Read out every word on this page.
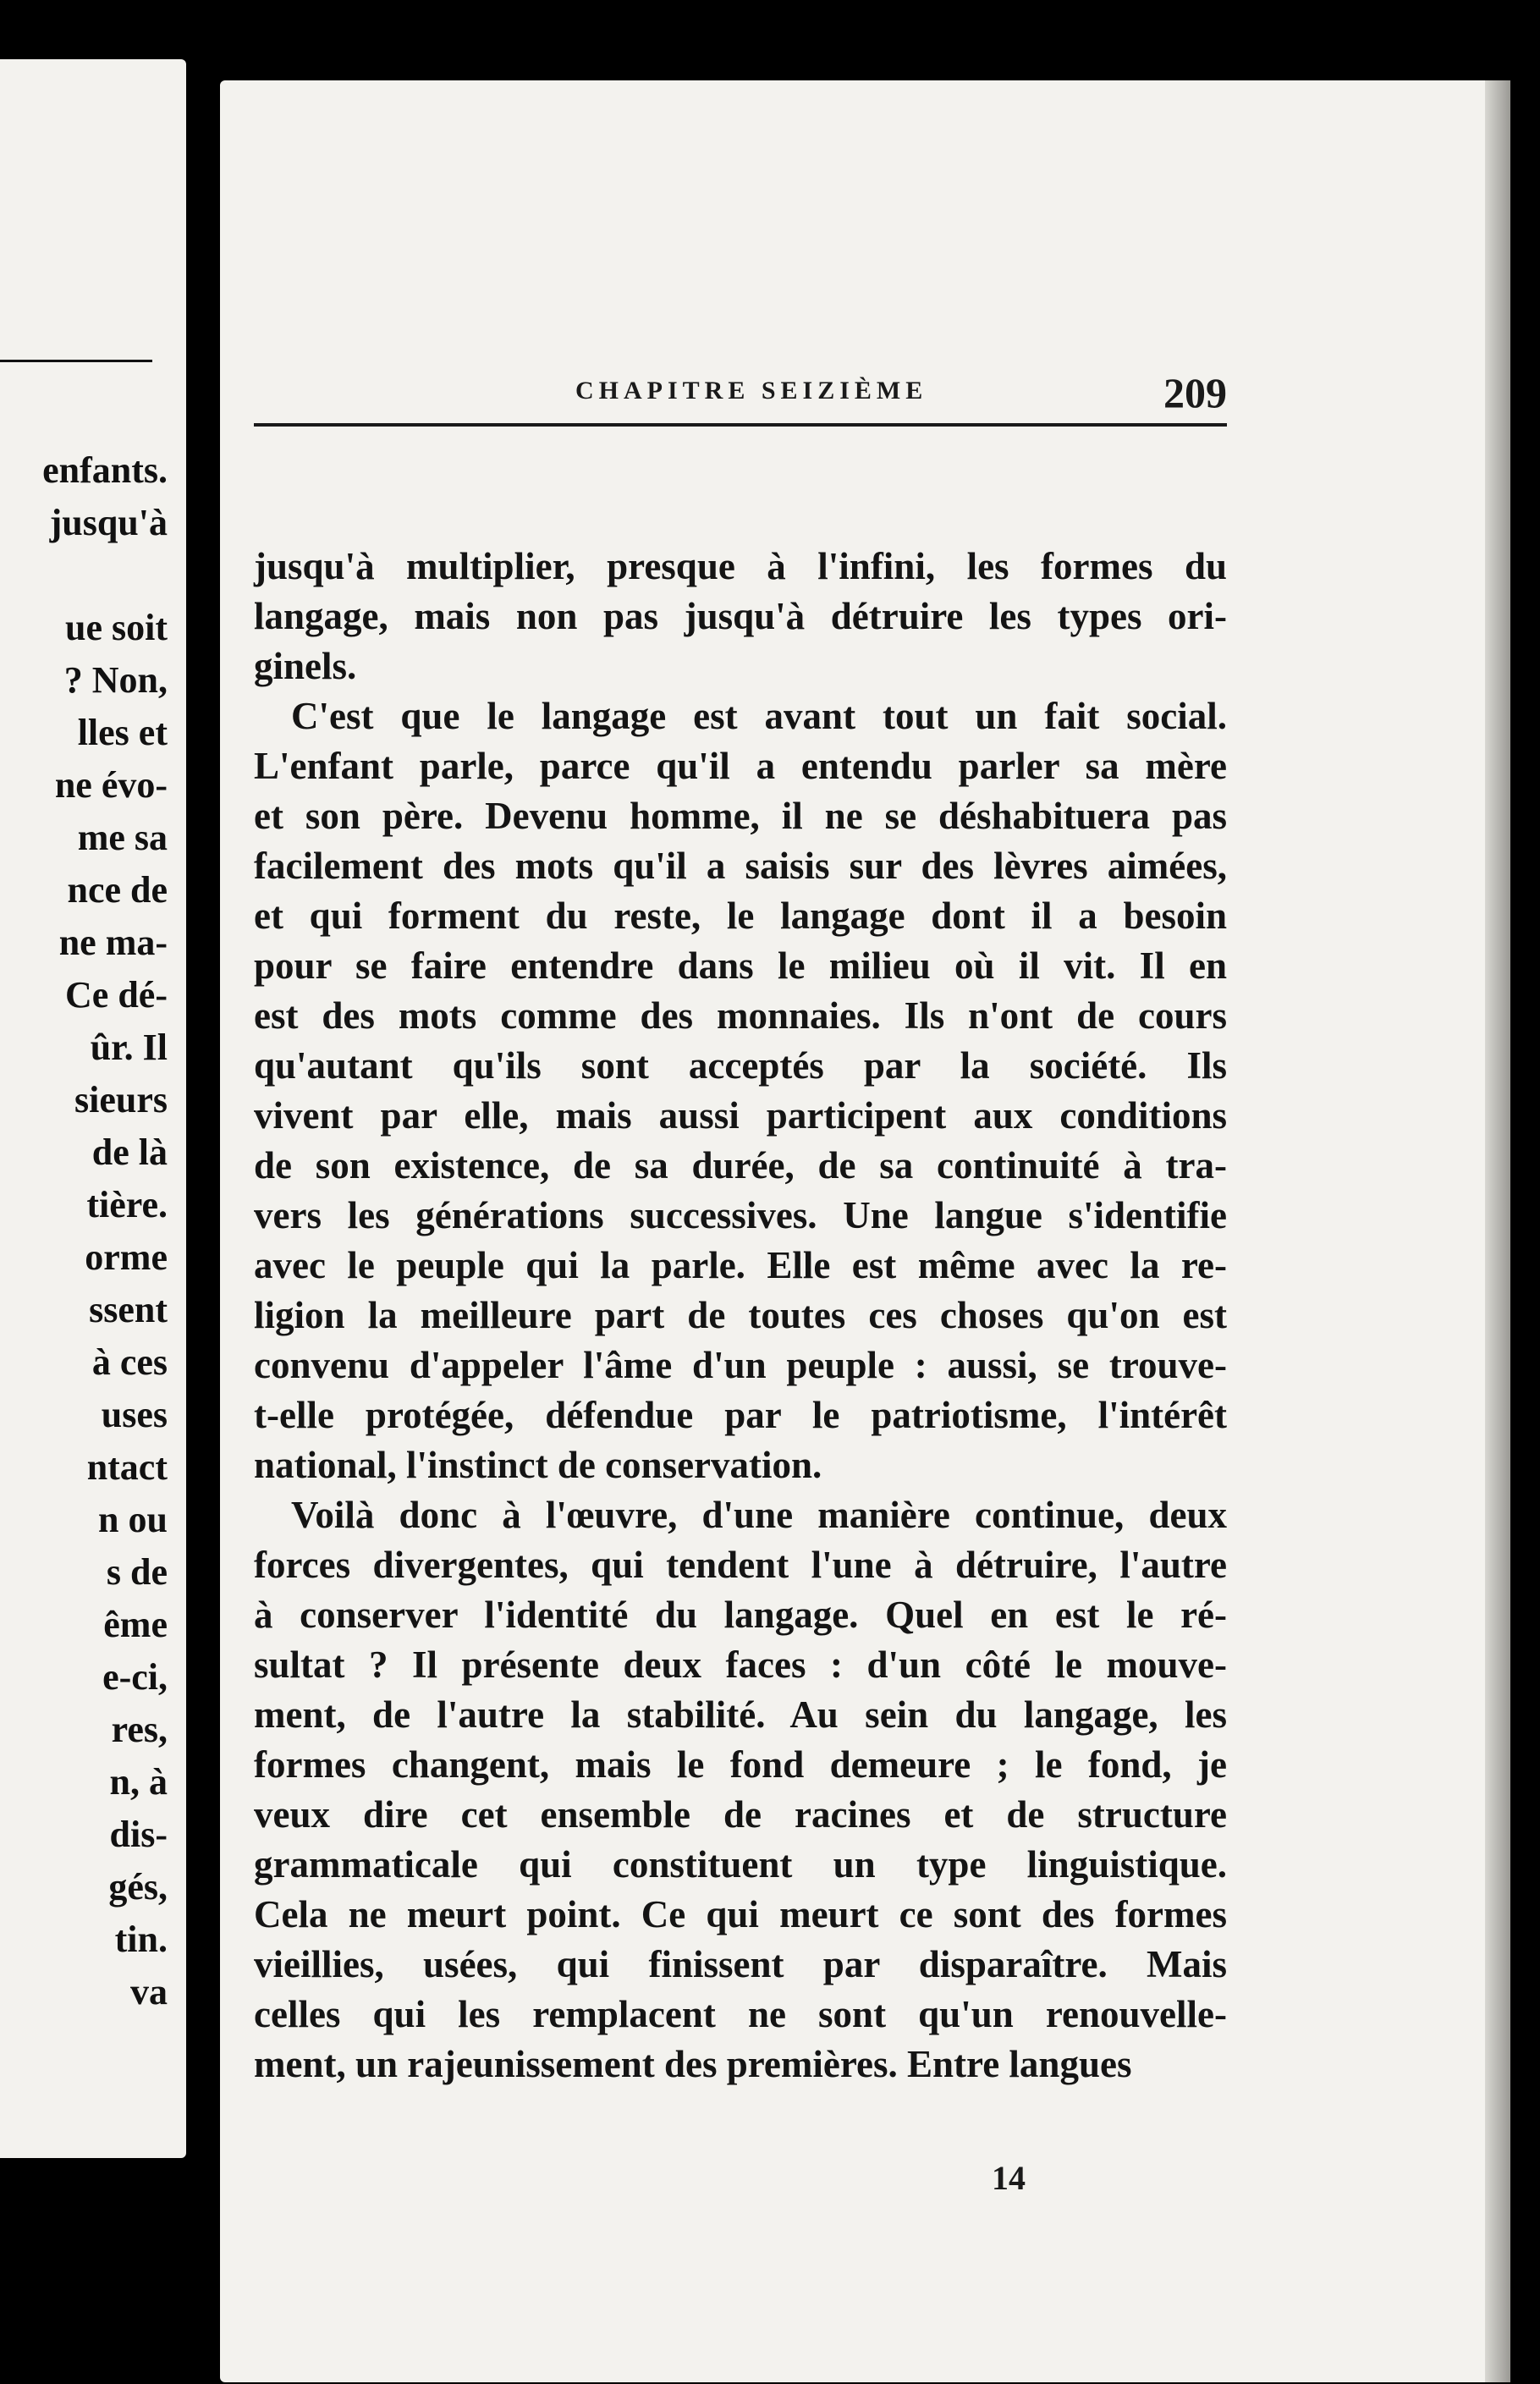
enfants.
jusqu'à

ue soit
? Non,
lles et
ne évo-
me sa
nce de
ne ma-
Ce dé-
ûr. Il
sieurs
de là
tière.
orme
ssent
à ces
uses
ntact
n ou
s de
ême
e-ci,
res,
n, à
dis-
gés,
tin.
va
CHAPITRE SEIZIÈME	209
jusqu'à multiplier, presque à l'infini, les formes du
langage, mais non pas jusqu'à détruire les types ori-
ginels.
C'est que le langage est avant tout un fait social.
L'enfant parle, parce qu'il a entendu parler sa mère
et son père. Devenu homme, il ne se déshabituera pas
facilement des mots qu'il a saisis sur des lèvres aimées,
et qui forment du reste, le langage dont il a besoin
pour se faire entendre dans le milieu où il vit. Il en
est des mots comme des monnaies. Ils n'ont de cours
qu'autant qu'ils sont acceptés par la société. Ils
vivent par elle, mais aussi participent aux conditions
de son existence, de sa durée, de sa continuité à tra-
vers les générations successives. Une langue s'identifie
avec le peuple qui la parle. Elle est même avec la re-
ligion la meilleure part de toutes ces choses qu'on est
convenu d'appeler l'âme d'un peuple : aussi, se trouve-
t-elle protégée, défendue par le patriotisme, l'intérêt
national, l'instinct de conservation.
Voilà donc à l'œuvre, d'une manière continue, deux
forces divergentes, qui tendent l'une à détruire, l'autre
à conserver l'identité du langage. Quel en est le ré-
sultat ? Il présente deux faces : d'un côté le mouve-
ment, de l'autre la stabilité. Au sein du langage, les
formes changent, mais le fond demeure ; le fond, je
veux dire cet ensemble de racines et de structure
grammaticale qui constituent un type linguistique.
Cela ne meurt point. Ce qui meurt ce sont des formes
vieillies, usées, qui finissent par disparaître. Mais
celles qui les remplacent ne sont qu'un renouvelle-
ment, un rajeunissement des premières. Entre langues
14
